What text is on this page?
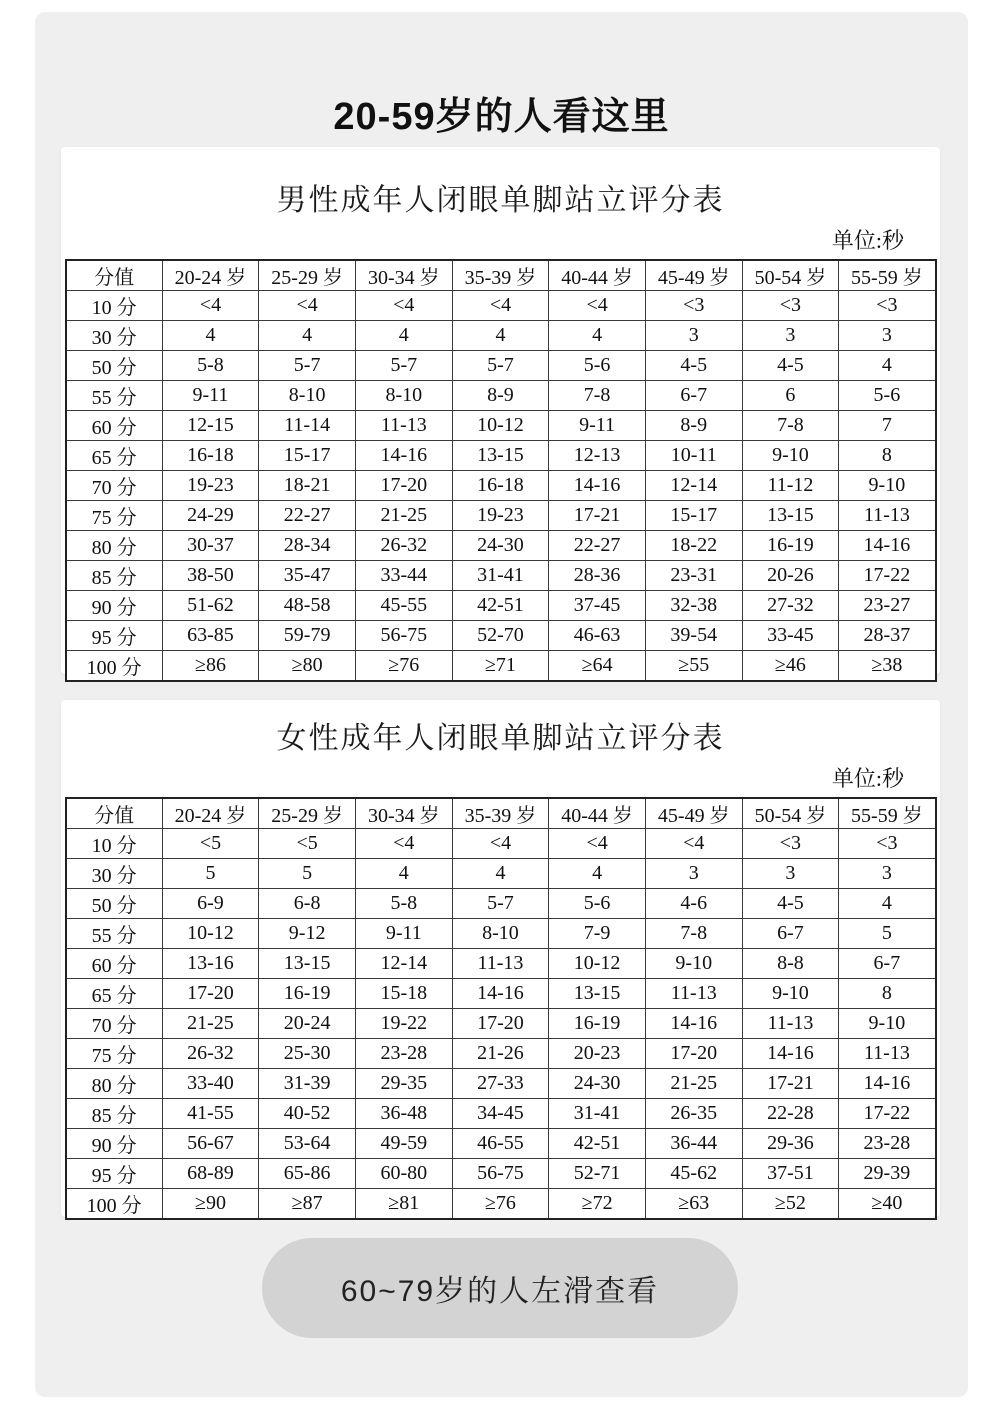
20-59岁的人看这里
男性成年人闭眼单脚站立评分表
单位:秒
分值	20-24 岁	25-29 岁	30-34 岁	35-39 岁	40-44 岁	45-49 岁	50-54 岁	55-59 岁
10 分	<4	<4	<4	<4	<4	<3	<3	<3
30 分	4	4	4	4	4	3	3	3
50 分	5-8	5-7	5-7	5-7	5-6	4-5	4-5	4
55 分	9-11	8-10	8-10	8-9	7-8	6-7	6	5-6
60 分	12-15	11-14	11-13	10-12	9-11	8-9	7-8	7
65 分	16-18	15-17	14-16	13-15	12-13	10-11	9-10	8
70 分	19-23	18-21	17-20	16-18	14-16	12-14	11-12	9-10
75 分	24-29	22-27	21-25	19-23	17-21	15-17	13-15	11-13
80 分	30-37	28-34	26-32	24-30	22-27	18-22	16-19	14-16
85 分	38-50	35-47	33-44	31-41	28-36	23-31	20-26	17-22
90 分	51-62	48-58	45-55	42-51	37-45	32-38	27-32	23-27
95 分	63-85	59-79	56-75	52-70	46-63	39-54	33-45	28-37
100 分	≥86	≥80	≥76	≥71	≥64	≥55	≥46	≥38
女性成年人闭眼单脚站立评分表
单位:秒
分值	20-24 岁	25-29 岁	30-34 岁	35-39 岁	40-44 岁	45-49 岁	50-54 岁	55-59 岁
10 分	<5	<5	<4	<4	<4	<4	<3	<3
30 分	5	5	4	4	4	3	3	3
50 分	6-9	6-8	5-8	5-7	5-6	4-6	4-5	4
55 分	10-12	9-12	9-11	8-10	7-9	7-8	6-7	5
60 分	13-16	13-15	12-14	11-13	10-12	9-10	8-8	6-7
65 分	17-20	16-19	15-18	14-16	13-15	11-13	9-10	8
70 分	21-25	20-24	19-22	17-20	16-19	14-16	11-13	9-10
75 分	26-32	25-30	23-28	21-26	20-23	17-20	14-16	11-13
80 分	33-40	31-39	29-35	27-33	24-30	21-25	17-21	14-16
85 分	41-55	40-52	36-48	34-45	31-41	26-35	22-28	17-22
90 分	56-67	53-64	49-59	46-55	42-51	36-44	29-36	23-28
95 分	68-89	65-86	60-80	56-75	52-71	45-62	37-51	29-39
100 分	≥90	≥87	≥81	≥76	≥72	≥63	≥52	≥40
60~79岁的人左滑查看
